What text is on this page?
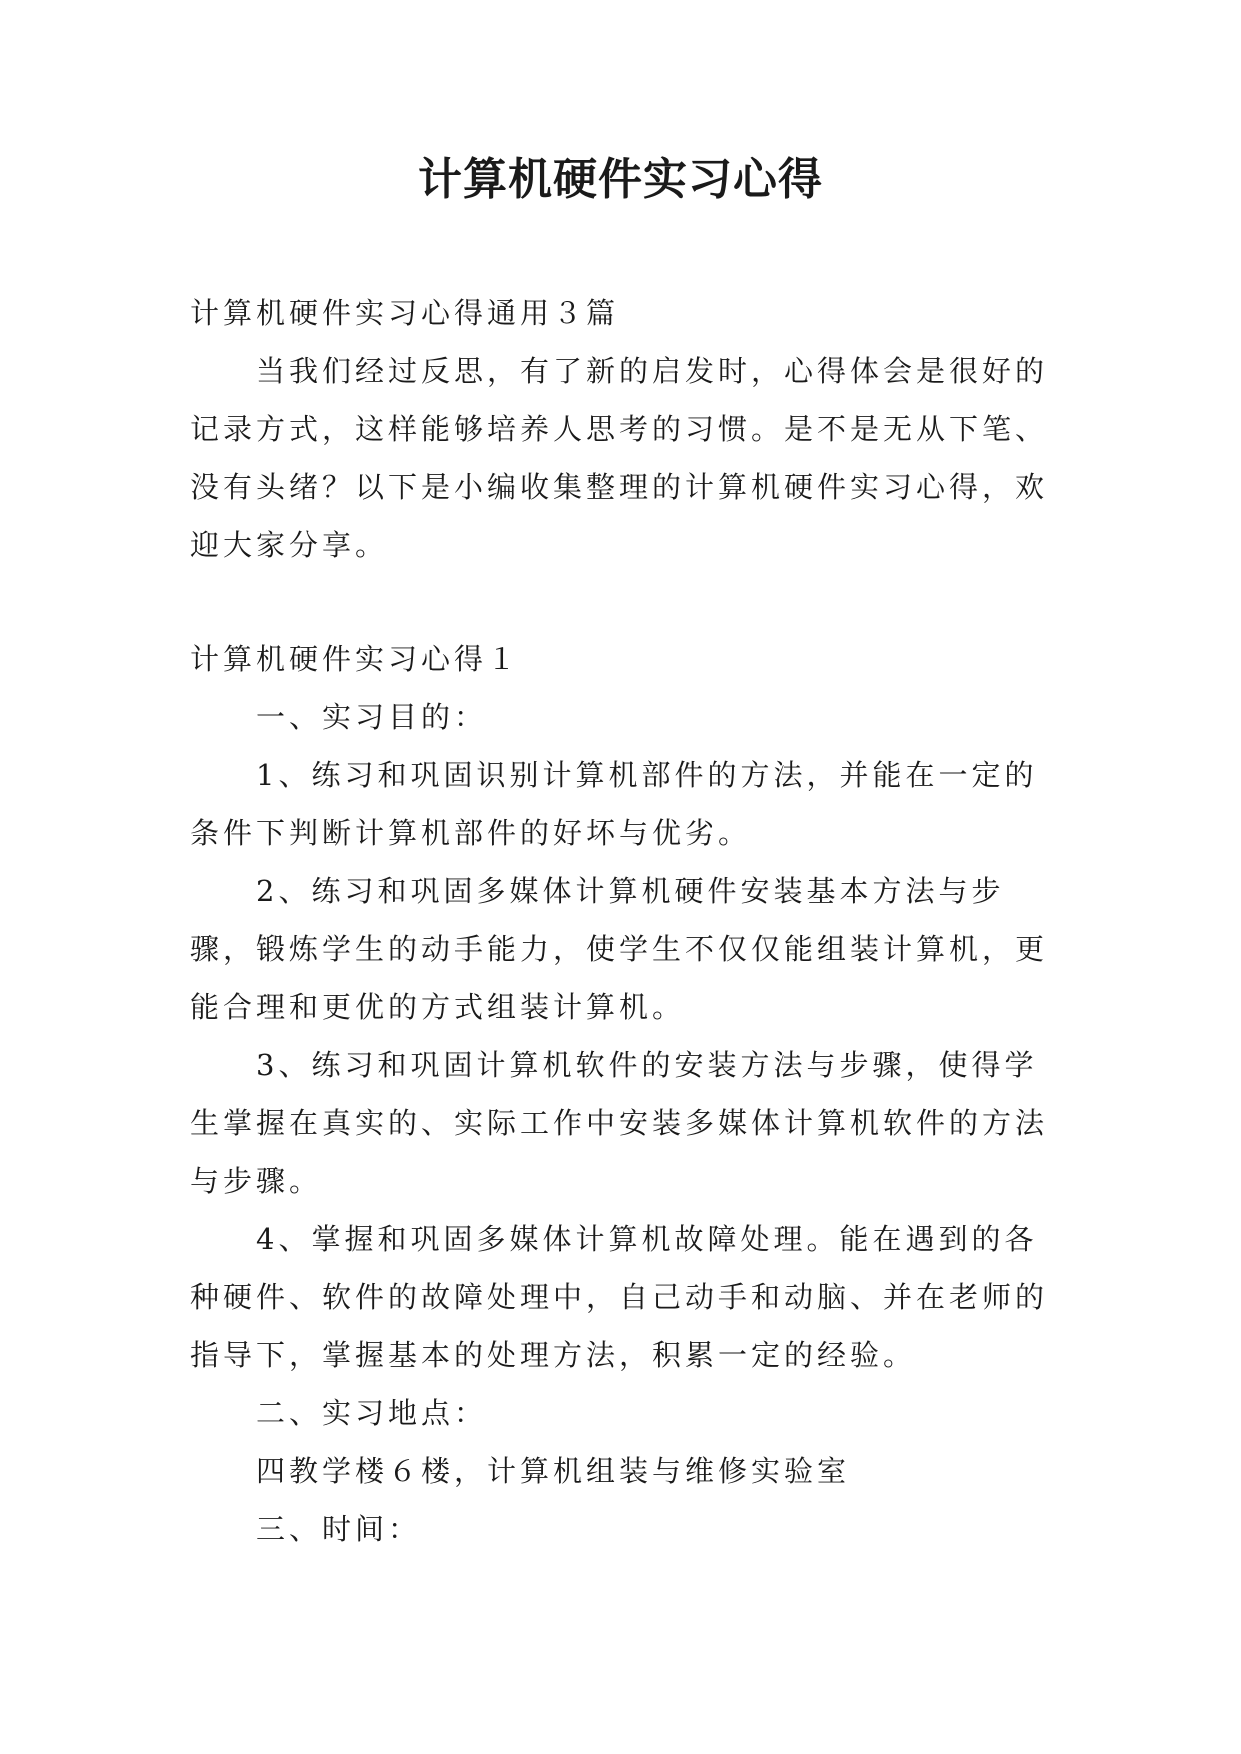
计算机硬件实习心得

计算机硬件实习心得通用３篇

当我们经过反思，有了新的启发时，心得体会是很好的记录方式，这样能够培养人思考的习惯。是不是无从下笔、没有头绪？以下是小编收集整理的计算机硬件实习心得，欢迎大家分享。

计算机硬件实习心得１

一、实习目的：

1、练习和巩固识别计算机部件的方法，并能在一定的条件下判断计算机部件的好坏与优劣。

2、练习和巩固多媒体计算机硬件安装基本方法与步骤，锻炼学生的动手能力，使学生不仅仅能组装计算机，更能合理和更优的方式组装计算机。

3、练习和巩固计算机软件的安装方法与步骤，使得学生掌握在真实的、实际工作中安装多媒体计算机软件的方法与步骤。

4、掌握和巩固多媒体计算机故障处理。能在遇到的各种硬件、软件的故障处理中，自己动手和动脑、并在老师的指导下，掌握基本的处理方法，积累一定的经验。

二、实习地点：

四教学楼６楼，计算机组装与维修实验室

三、时间：
